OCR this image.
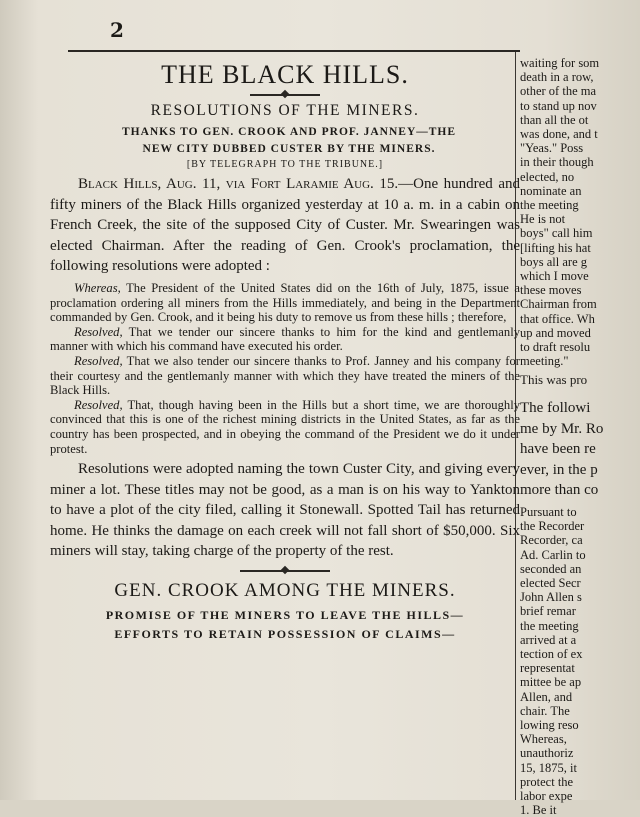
2
THE BLACK HILLS.
RESOLUTIONS OF THE MINERS.
THANKS TO GEN. CROOK AND PROF. JANNEY—THE
NEW CITY DUBBED CUSTER BY THE MINERS.
[BY TELEGRAPH TO THE TRIBUNE.]

Black Hills, Aug. 11, via Fort Laramie Aug. 15.—One hundred and fifty miners of the Black Hills organized yesterday at 10 a. m. in a cabin on French Creek, the site of the supposed City of Custer. Mr. Swearingen was elected Chairman. After the reading of Gen. Crook's proclamation, the following resolutions were adopted :

Whereas, The President of the United States did on the 16th of July, 1875, issue a proclamation ordering all miners from the Hills immediately, and being in the Department commanded by Gen. Crook, and it being his duty to remove us from these hills ; therefore,

Resolved, That we tender our sincere thanks to him for the kind and gentlemanly manner with which his command have executed his order.

Resolved, That we also tender our sincere thanks to Prof. Janney and his company for their courtesy and the gentlemanly manner with which they have treated the miners of the Black Hills.

Resolved, That, though having been in the Hills but a short time, we are thoroughly convinced that this is one of the richest mining districts in the United States, as far as the country has been prospected, and in obeying the command of the President we do it under protest.

Resolutions were adopted naming the town Custer City, and giving every miner a lot. These titles may not be good, as a man is on his way to Yankton to have a plot of the city filed, calling it Stonewall. Spotted Tail has returned home. He thinks the damage on each creek will not fall short of $50,000. Six miners will stay, taking charge of the property of the rest.

GEN. CROOK AMONG THE MINERS.
PROMISE OF THE MINERS TO LEAVE THE HILLS—
EFFORTS TO RETAIN POSSESSION OF CLAIMS—

waiting for som

death in a row,

other of the ma

to stand up nov

than all the ot

was done, and t

"Yeas." Poss

in their though

elected, no

nominate an

the meeting

He is not

boys" call him

[lifting his hat

boys all are g

which I move

these moves

Chairman from

that office. Wh

up and moved

to draft resolu

meeting."

This was pro

The followi

me by Mr. Ro

have been re

ever, in the p

more than co

Pursuant to

the Recorder

Recorder, ca

Ad. Carlin to

seconded an

elected Secr

John Allen s

brief remar

the meeting

arrived at a

tection of ex

representat

mittee be ap

Allen, and

chair. The

lowing reso

Whereas,

unauthoriz

15, 1875, it

protect the

labor expe

1. Be it
